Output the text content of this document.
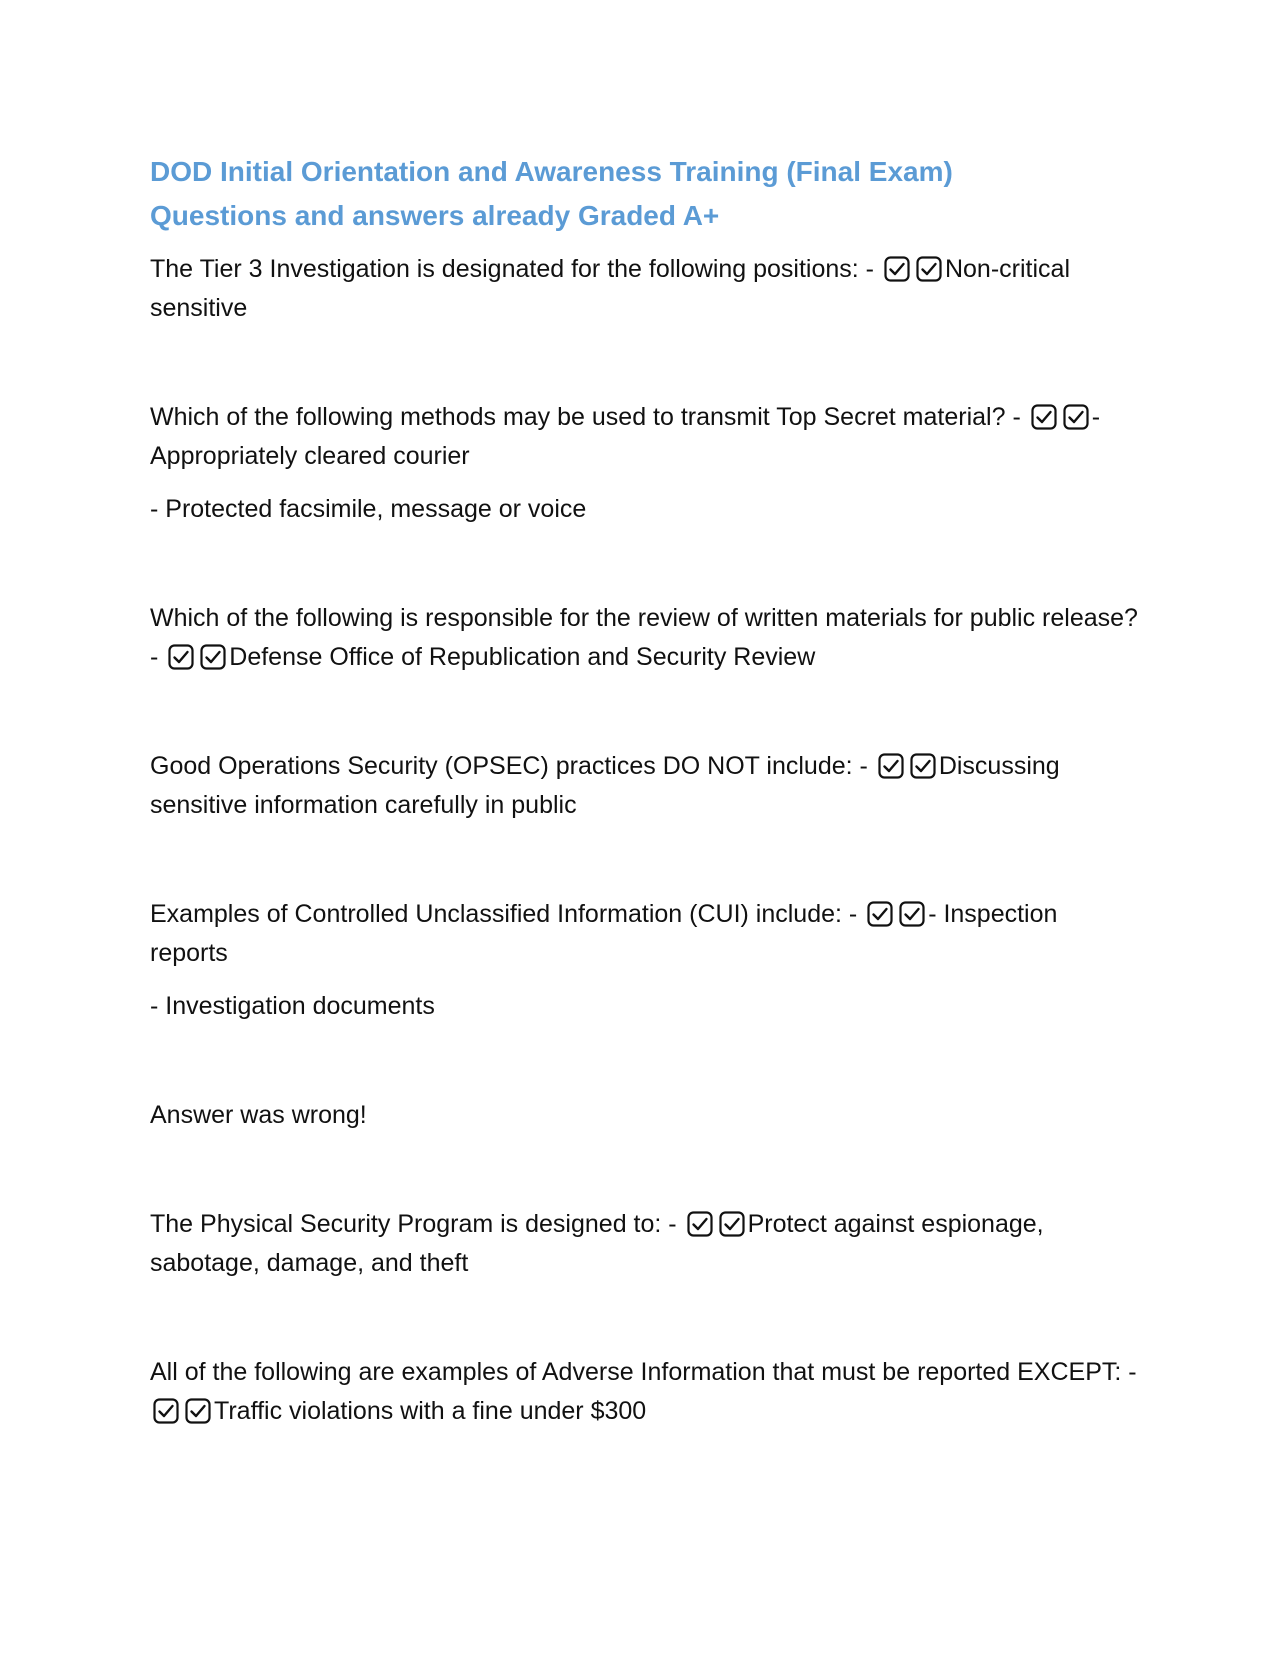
DOD Initial Orientation and Awareness Training (Final Exam)
Questions and answers already Graded A+

The Tier 3 Investigation is designated for the following positions: -	Non-critical sensitive

Which of the following methods may be used to transmit Top Secret material? -	- Appropriately cleared courier

- Protected facsimile, message or voice

Which of the following is responsible for the review of written materials for public release? -	Defense Office of Republication and Security Review

Good Operations Security (OPSEC) practices DO NOT include: -	Discussing sensitive information carefully in public

Examples of Controlled Unclassified Information (CUI) include: -	- Inspection reports

- Investigation documents

Answer was wrong!

The Physical Security Program is designed to: -	Protect against espionage, sabotage, damage, and theft

All of the following are examples of Adverse Information that must be reported EXCEPT: -
Traffic violations with a fine under $300
